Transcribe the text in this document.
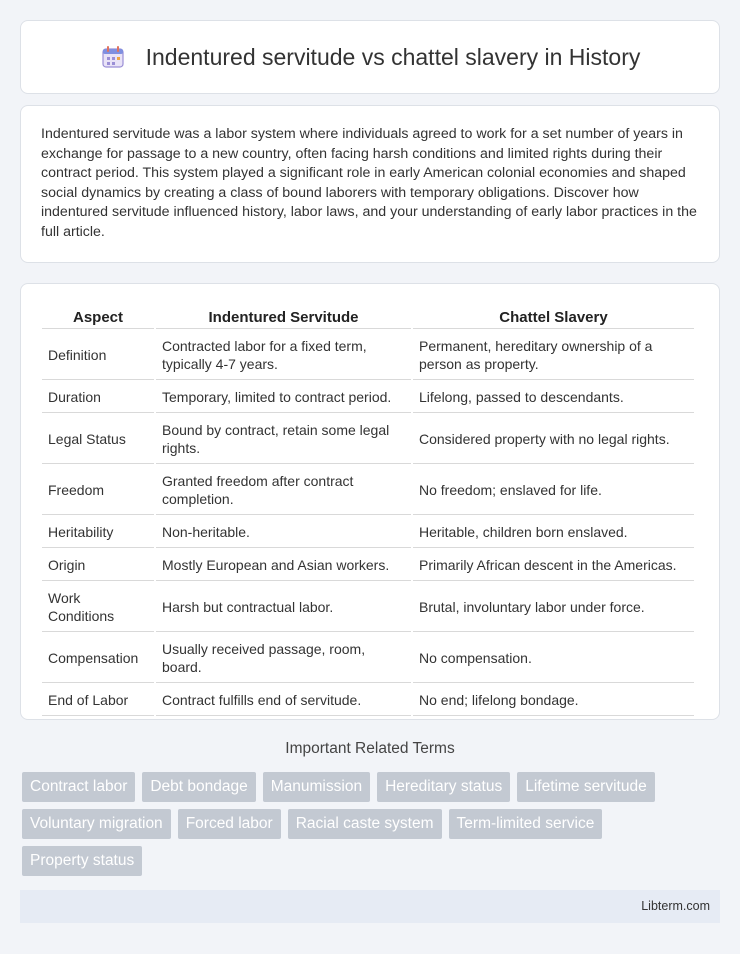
Indentured servitude vs chattel slavery in History

Indentured servitude was a labor system where individuals agreed to work for a set number of years in exchange for passage to a new country, often facing harsh conditions and limited rights during their contract period. This system played a significant role in early American colonial economies and shaped social dynamics by creating a class of bound laborers with temporary obligations. Discover how indentured servitude influenced history, labor laws, and your understanding of early labor practices in the full article.

Aspect	Indentured Servitude	Chattel Slavery
Definition	Contracted labor for a fixed term, typically 4-7 years.	Permanent, hereditary ownership of a person as property.
Duration	Temporary, limited to contract period.	Lifelong, passed to descendants.
Legal Status	Bound by contract, retain some legal rights.	Considered property with no legal rights.
Freedom	Granted freedom after contract completion.	No freedom; enslaved for life.
Heritability	Non-heritable.	Heritable, children born enslaved.
Origin	Mostly European and Asian workers.	Primarily African descent in the Americas.
Work Conditions	Harsh but contractual labor.	Brutal, involuntary labor under force.
Compensation	Usually received passage, room, board.	No compensation.
End of Labor	Contract fulfills end of servitude.	No end; lifelong bondage.
Important Related Terms
Contract labor	Debt bondage	Manumission	Hereditary status	Lifetime servitude
Voluntary migration	Forced labor	Racial caste system	Term-limited service
Property status
Libterm.com
